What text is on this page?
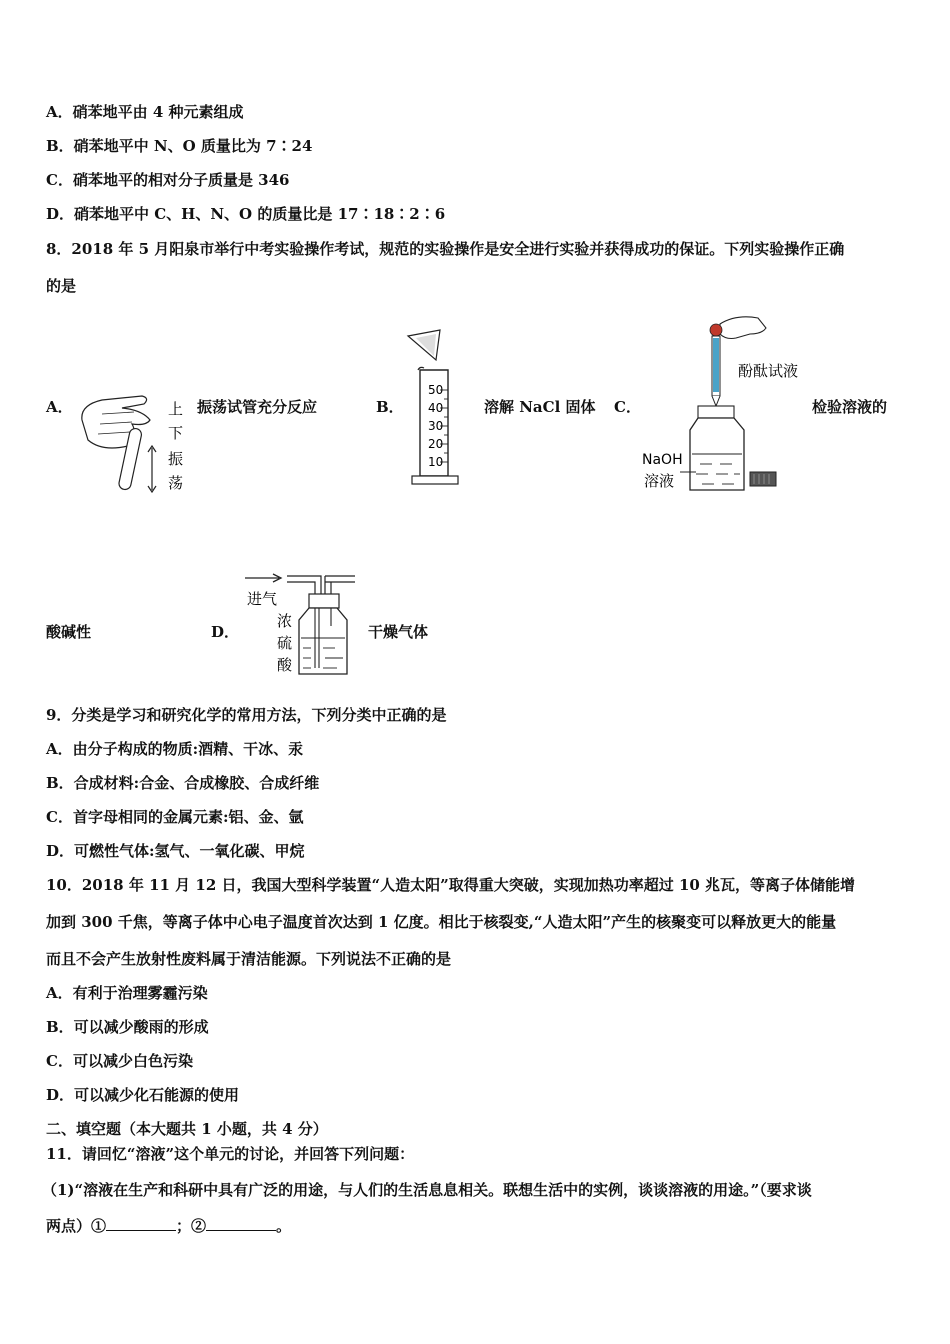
A．硝苯地平由 4 种元素组成
B．硝苯地平中 N、O 质量比为 7∶24
C．硝苯地平的相对分子质量是 346
D．硝苯地平中 C、H、N、O 的质量比是 17∶18∶2∶6
8．2018 年 5 月阳泉市举行中考实验操作考试，规范的实验操作是安全进行实验并获得成功的保证。下列实验操作正确
的是
A．	上
下
振
荡
振荡试管充分反应	B．
50
40
30
20
10
溶解 NaCl 固体 C．
酚酞试液
NaOH
溶液
检验溶液的
酸碱性	D．
进气
浓
硫
酸
干燥气体
9．分类是学习和研究化学的常用方法，下列分类中正确的是
A．由分子构成的物质:酒精、干冰、汞
B．合成材料:合金、合成橡胶、合成纤维
C．首字母相同的金属元素:铝、金、氩
D．可燃性气体:氢气、一氧化碳、甲烷
10．2018 年 11 月 12 日，我国大型科学装置“人造太阳”取得重大突破，实现加热功率超过 10 兆瓦，等离子体储能增
加到 300 千焦，等离子体中心电子温度首次达到 1 亿度。相比于核裂变,“人造太阳”产生的核聚变可以释放更大的能量
而且不会产生放射性废料属于清洁能源。下列说法不正确的是
A．有利于治理雾霾污染
B．可以减少酸雨的形成
C．可以减少白色污染
D．可以减少化石能源的使用
二、填空题（本大题共 1 小题，共 4 分）
11．请回忆“溶液”这个单元的讨论，并回答下列问题：
（1)“溶液在生产和科研中具有广泛的用途，与人们的生活息息相关。联想生活中的实例，谈谈溶液的用途。”（要求谈
两点）①	；②	。
